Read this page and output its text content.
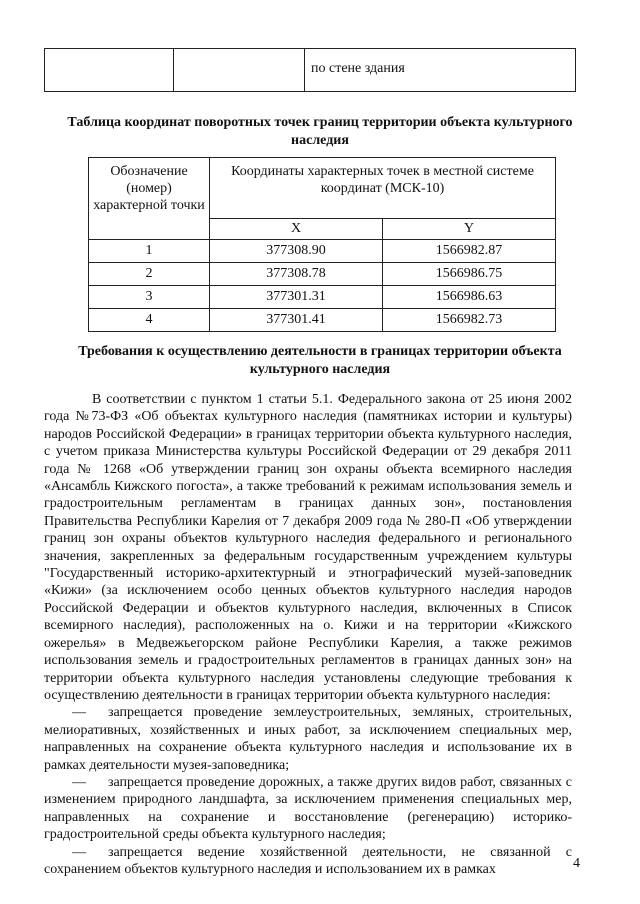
		по стене здания
Таблица координат поворотных точек границ территории объекта культурного наследия
Обозначение (номер) характерной точки	Координаты характерных точек в местной системе координат (МСК-10)	
	X	Y
1	377308.90	1566982.87
2	377308.78	1566986.75
3	377301.31	1566986.63
4	377301.41	1566982.73
Требования к осуществлению деятельности в границах территории объекта культурного наследия

В соответствии с пунктом 1 статьи 5.1. Федерального закона от 25 июня 2002 года №73-ФЗ «Об объектах культурного наследия (памятниках истории и культуры) народов Российской Федерации» в границах территории объекта культурного наследия, с учетом приказа Министерства культуры Российской Федерации от 29 декабря 2011 года № 1268 «Об утверждении границ зон охраны объекта всемирного наследия «Ансамбль Кижского погоста», а также требований к режимам использования земель и градостроительным регламентам в границах данных зон», постановления Правительства Республики Карелия от 7 декабря 2009 года № 280-П «Об утверждении границ зон охраны объектов культурного наследия федерального и регионального значения, закрепленных за федеральным государственным учреждением культуры "Государственный историко-архитектурный и этнографический музей-заповедник «Кижи» (за исключением особо ценных объектов культурного наследия народов Российской Федерации и объектов культурного наследия, включенных в Список всемирного наследия), расположенных на о. Кижи и на территории «Кижского ожерелья» в Медвежьегорском районе Республики Карелия, а также режимов использования земель и градостроительных регламентов в границах данных зон» на территории объекта культурного наследия установлены следующие требования к осуществлению деятельности в границах территории объекта культурного наследия:

— запрещается проведение землеустроительных, земляных, строительных, мелиоративных, хозяйственных и иных работ, за исключением специальных мер, направленных на сохранение объекта культурного наследия и использование их в рамках деятельности музея-заповедника;

— запрещается проведение дорожных, а также других видов работ, связанных с изменением природного ландшафта, за исключением применения специальных мер, направленных на сохранение и восстановление (регенерацию) историко-градостроительной среды объекта культурного наследия;

— запрещается ведение хозяйственной деятельности, не связанной с сохранением объектов культурного наследия и использованием их в рамках	4
